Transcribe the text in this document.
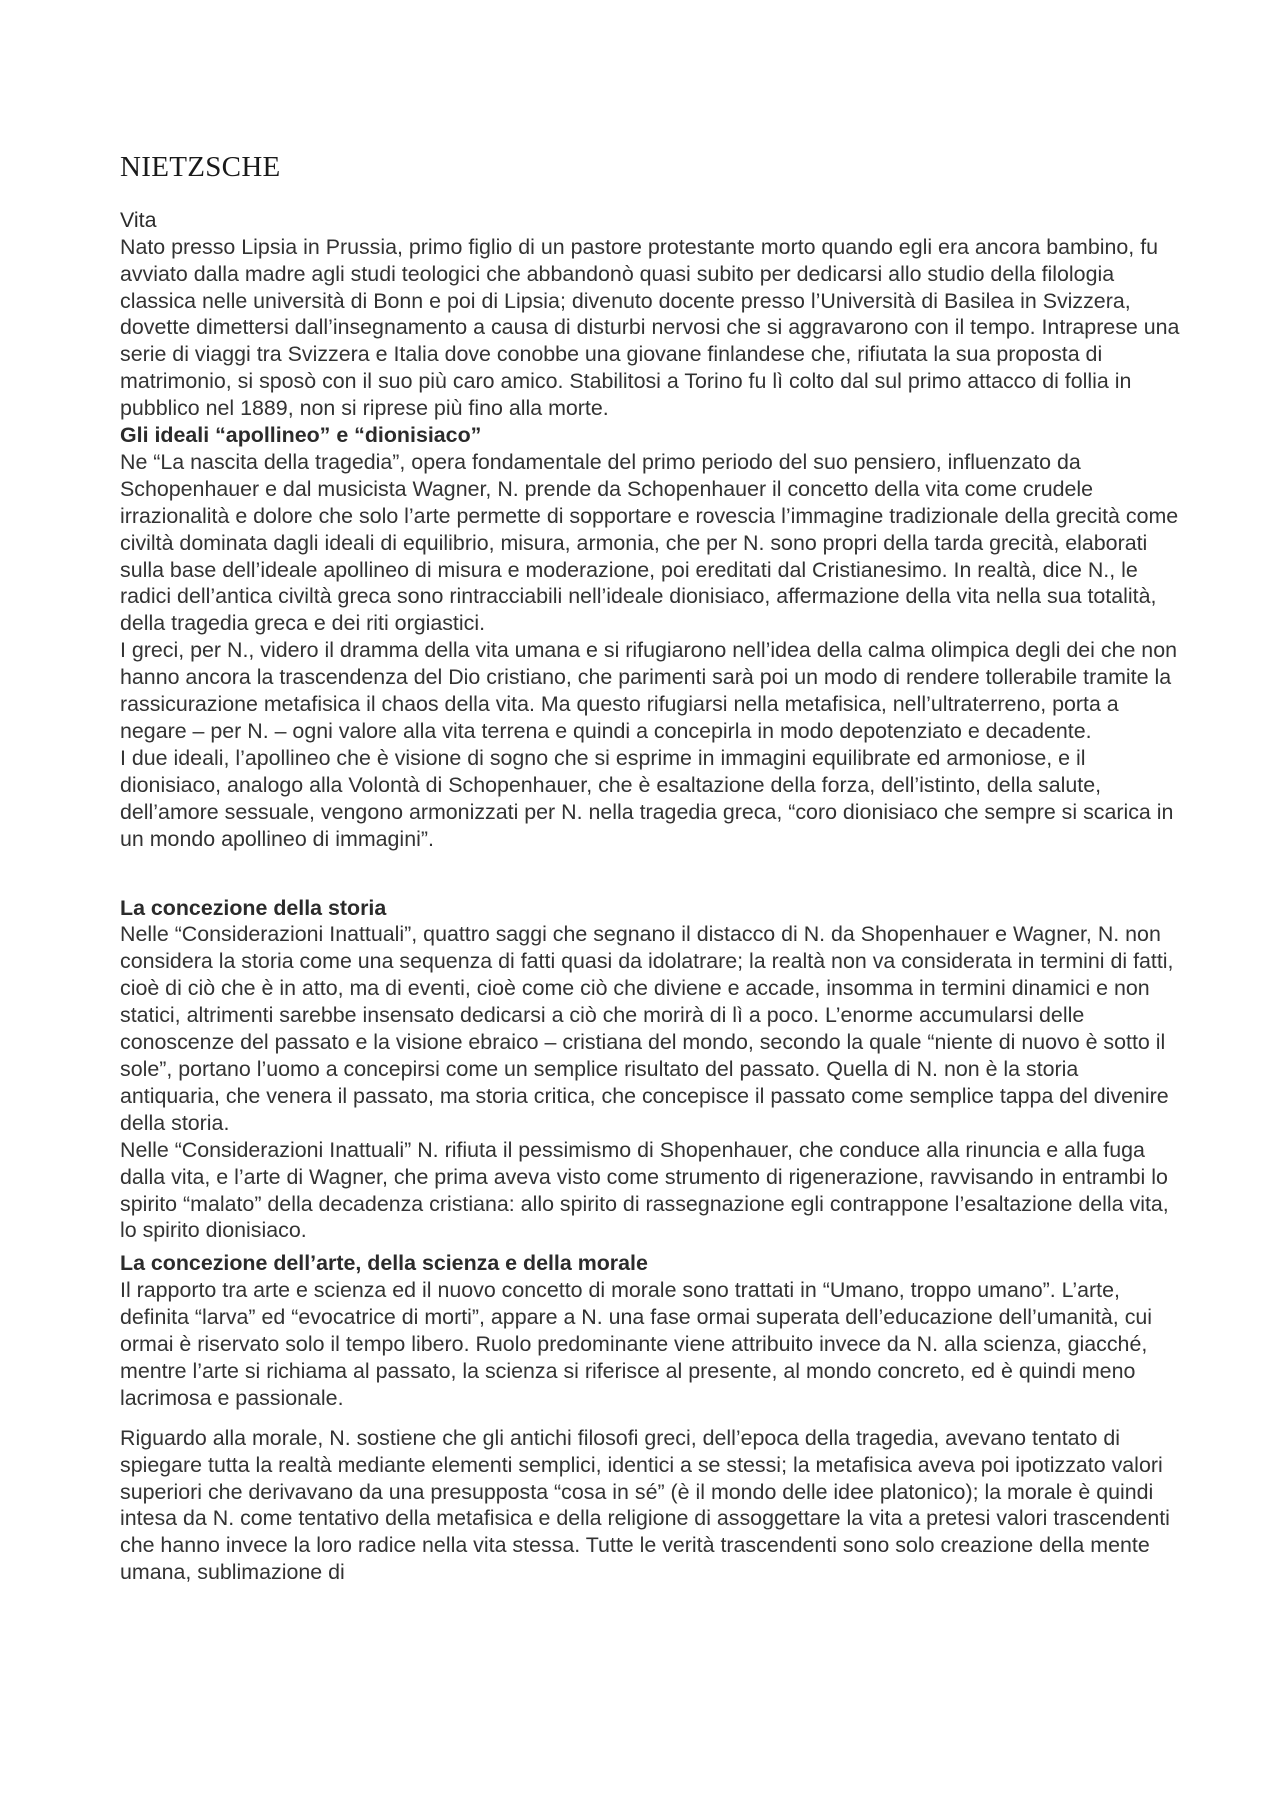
NIETZSCHE
Vita

Nato presso Lipsia in Prussia, primo figlio di un pastore protestante morto quando egli era ancora bambino, fu avviato dalla madre agli studi teologici che abbandonò quasi subito per dedicarsi allo studio della filologia classica nelle università di Bonn e poi di Lipsia; divenuto docente presso l’Università di Basilea in Svizzera, dovette dimettersi dall’insegnamento a causa di disturbi nervosi che si aggravarono con il tempo. Intraprese una serie di viaggi tra Svizzera e Italia dove conobbe una giovane finlandese che, rifiutata la sua proposta di matrimonio, si sposò con il suo più caro amico. Stabilitosi a Torino fu lì colto dal sul primo attacco di follia in pubblico nel 1889, non si riprese più fino alla morte.

Gli ideali “apollineo” e “dionisiaco”

Ne “La nascita della tragedia”, opera fondamentale del primo periodo del suo pensiero, influenzato da Schopenhauer e dal musicista Wagner, N. prende da Schopenhauer il concetto della vita come crudele irrazionalità e dolore che solo l’arte permette di sopportare e rovescia l’immagine tradizionale della grecità come civiltà dominata dagli ideali di equilibrio, misura, armonia, che per N. sono propri della tarda grecità, elaborati sulla base dell’ideale apollineo di misura e moderazione, poi ereditati dal Cristianesimo. In realtà, dice N., le radici dell’antica civiltà greca sono rintracciabili nell’ideale dionisiaco, affermazione della vita nella sua totalità, della tragedia greca e dei riti orgiastici.

I greci, per N., videro il dramma della vita umana e si rifugiarono nell’idea della calma olimpica degli dei che non hanno ancora la trascendenza del Dio cristiano, che parimenti sarà poi un modo di rendere tollerabile tramite la rassicurazione metafisica il chaos della vita. Ma questo rifugiarsi nella metafisica, nell’ultraterreno, porta a negare – per N. – ogni valore alla vita terrena e quindi a concepirla in modo depotenziato e decadente.

I due ideali, l’apollineo che è visione di sogno che si esprime in immagini equilibrate ed armoniose, e il dionisiaco, analogo alla Volontà di Schopenhauer, che è esaltazione della forza, dell’istinto, della salute, dell’amore sessuale, vengono armonizzati per N. nella tragedia greca, “coro dionisiaco che sempre si scarica in un mondo apollineo di immagini”.

La concezione della storia

Nelle “Considerazioni Inattuali”, quattro saggi che segnano il distacco di N. da Shopenhauer e Wagner, N. non considera la storia come una sequenza di fatti quasi da idolatrare; la realtà non va considerata in termini di fatti, cioè di ciò che è in atto, ma di eventi, cioè come ciò che diviene e accade, insomma in termini dinamici e non statici, altrimenti sarebbe insensato dedicarsi a ciò che morirà di lì a poco. L’enorme accumularsi delle conoscenze del passato e la visione ebraico – cristiana del mondo, secondo la quale “niente di nuovo è sotto il sole”, portano l’uomo a concepirsi come un semplice risultato del passato. Quella di N. non è la storia antiquaria, che venera il passato, ma storia critica, che concepisce il passato come semplice tappa del divenire della storia.

Nelle “Considerazioni Inattuali” N. rifiuta il pessimismo di Shopenhauer, che conduce alla rinuncia e alla fuga dalla vita, e l’arte di Wagner, che prima aveva visto come strumento di rigenerazione, ravvisando in entrambi lo spirito “malato” della decadenza cristiana: allo spirito di rassegnazione egli contrappone l’esaltazione della vita, lo spirito dionisiaco.

La concezione dell’arte, della scienza e della morale

Il rapporto tra arte e scienza ed il nuovo concetto di morale sono trattati in “Umano, troppo umano”. L’arte, definita “larva” ed “evocatrice di morti”, appare a N. una fase ormai superata dell’educazione dell’umanità, cui ormai è riservato solo il tempo libero. Ruolo predominante viene attribuito invece da N. alla scienza, giacché, mentre l’arte si richiama al passato, la scienza si riferisce al presente, al mondo concreto, ed è quindi meno lacrimosa e passionale.

Riguardo alla morale, N. sostiene che gli antichi filosofi greci, dell’epoca della tragedia, avevano tentato di spiegare tutta la realtà mediante elementi semplici, identici a se stessi; la metafisica aveva poi ipotizzato valori superiori che derivavano da una presupposta “cosa in sé” (è il mondo delle idee platonico); la morale è quindi intesa da N. come tentativo della metafisica e della religione di assoggettare la vita a pretesi valori trascendenti che hanno invece la loro radice nella vita stessa. Tutte le verità trascendenti sono solo creazione della mente umana, sublimazione di
